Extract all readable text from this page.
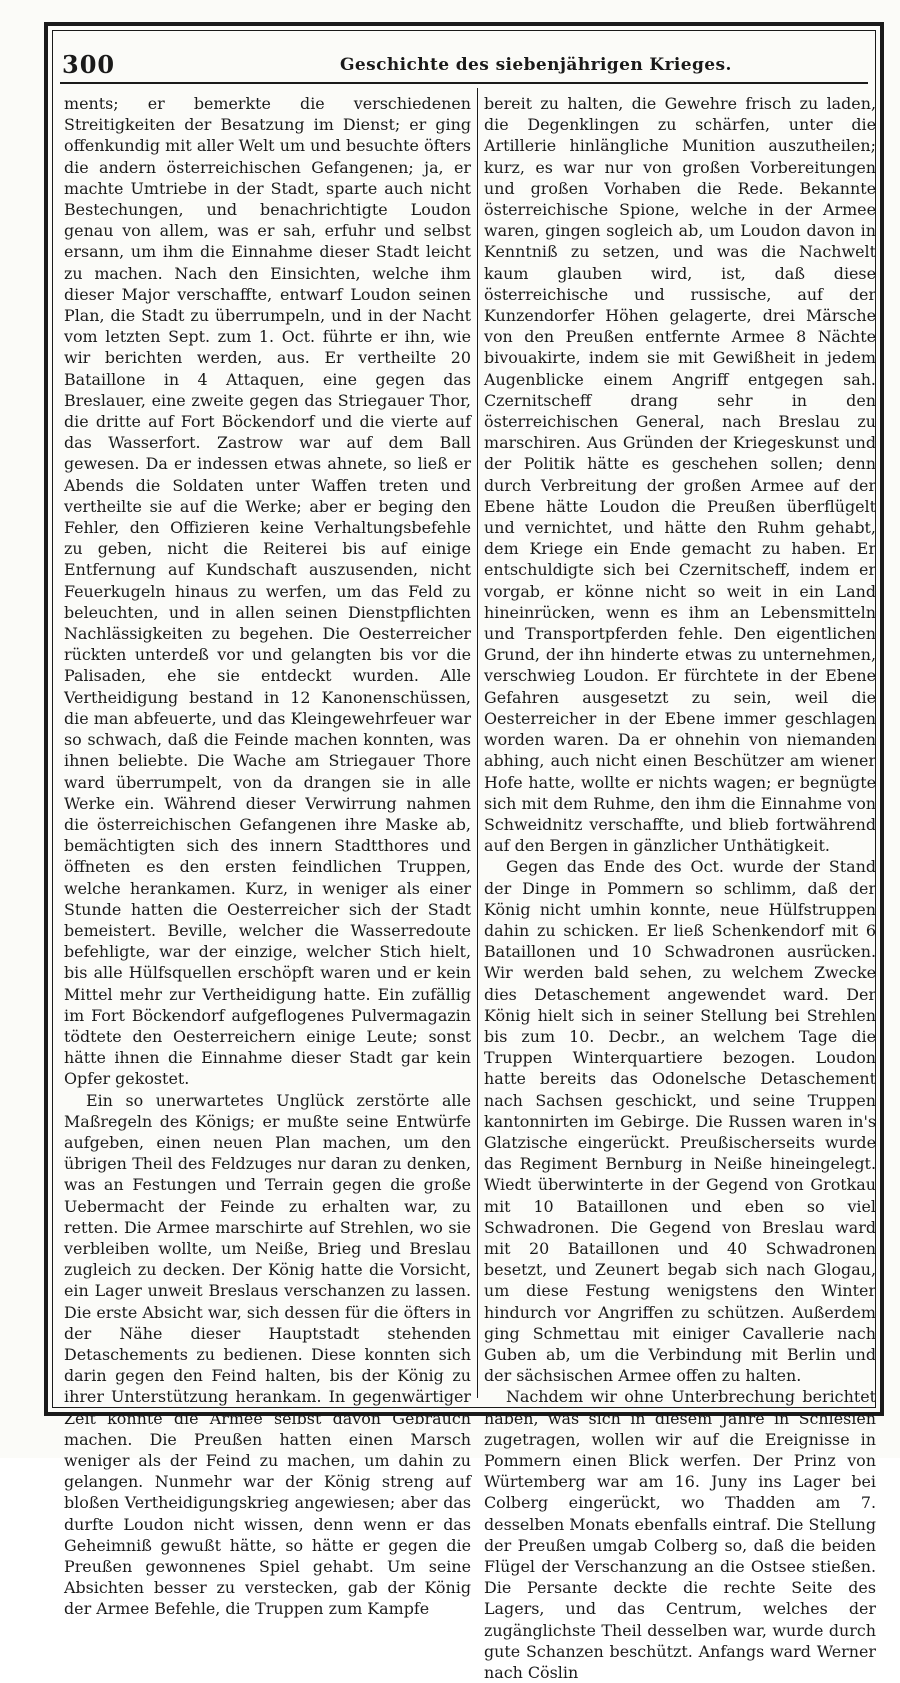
300	Geschichte des siebenjährigen Krieges.

ments; er bemerkte die verschiedenen Streitigkeiten der Besatzung im Dienst; er ging offenkundig mit aller Welt um und besuchte öfters die andern österreichischen Gefangenen; ja, er machte Umtriebe in der Stadt, sparte auch nicht Bestechungen, und benachrichtigte Loudon genau von allem, was er sah, erfuhr und selbst ersann, um ihm die Einnahme dieser Stadt leicht zu machen. Nach den Einsichten, welche ihm dieser Major verschaffte, entwarf Loudon seinen Plan, die Stadt zu überrumpeln, und in der Nacht vom letzten Sept. zum 1. Oct. führte er ihn, wie wir berichten werden, aus. Er vertheilte 20 Bataillone in 4 Attaquen, eine gegen das Breslauer, eine zweite gegen das Striegauer Thor, die dritte auf Fort Böckendorf und die vierte auf das Wasserfort. Zastrow war auf dem Ball gewesen. Da er indessen etwas ahnete, so ließ er Abends die Soldaten unter Waffen treten und vertheilte sie auf die Werke; aber er beging den Fehler, den Offizieren keine Verhaltungsbefehle zu geben, nicht die Reiterei bis auf einige Entfernung auf Kundschaft auszusenden, nicht Feuerkugeln hinaus zu werfen, um das Feld zu beleuchten, und in allen seinen Dienstpflichten Nachlässigkeiten zu begehen. Die Oesterreicher rückten unterdeß vor und gelangten bis vor die Palisaden, ehe sie entdeckt wurden. Alle Vertheidigung bestand in 12 Kanonenschüssen, die man abfeuerte, und das Kleingewehrfeuer war so schwach, daß die Feinde machen konnten, was ihnen beliebte. Die Wache am Striegauer Thore ward überrumpelt, von da drangen sie in alle Werke ein. Während dieser Verwirrung nahmen die österreichischen Gefangenen ihre Maske ab, bemächtigten sich des innern Stadtthores und öffneten es den ersten feindlichen Truppen, welche herankamen. Kurz, in weniger als einer Stunde hatten die Oesterreicher sich der Stadt bemeistert. Beville, welcher die Wasserredoute befehligte, war der einzige, welcher Stich hielt, bis alle Hülfsquellen erschöpft waren und er kein Mittel mehr zur Vertheidigung hatte. Ein zufällig im Fort Böckendorf aufgeflogenes Pulvermagazin tödtete den Oesterreichern einige Leute; sonst hätte ihnen die Einnahme dieser Stadt gar kein Opfer gekostet.

Ein so unerwartetes Unglück zerstörte alle Maßregeln des Königs; er mußte seine Entwürfe aufgeben, einen neuen Plan machen, um den übrigen Theil des Feldzuges nur daran zu denken, was an Festungen und Terrain gegen die große Uebermacht der Feinde zu erhalten war, zu retten. Die Armee marschirte auf Strehlen, wo sie verbleiben wollte, um Neiße, Brieg und Breslau zugleich zu decken. Der König hatte die Vorsicht, ein Lager unweit Breslaus verschanzen zu lassen. Die erste Absicht war, sich dessen für die öfters in der Nähe dieser Hauptstadt stehenden Detaschements zu bedienen. Diese konnten sich darin gegen den Feind halten, bis der König zu ihrer Unterstützung herankam. In gegenwärtiger Zeit konnte die Armee selbst davon Gebrauch machen. Die Preußen hatten einen Marsch weniger als der Feind zu machen, um dahin zu gelangen. Nunmehr war der König streng auf bloßen Vertheidigungskrieg angewiesen; aber das durfte Loudon nicht wissen, denn wenn er das Geheimniß gewußt hätte, so hätte er gegen die Preußen gewonnenes Spiel gehabt. Um seine Absichten besser zu verstecken, gab der König der Armee Befehle, die Truppen zum Kampfe

bereit zu halten, die Gewehre frisch zu laden, die Degenklingen zu schärfen, unter die Artillerie hinlängliche Munition auszutheilen; kurz, es war nur von großen Vorbereitungen und großen Vorhaben die Rede. Bekannte österreichische Spione, welche in der Armee waren, gingen sogleich ab, um Loudon davon in Kenntniß zu setzen, und was die Nachwelt kaum glauben wird, ist, daß diese österreichische und russische, auf der Kunzendorfer Höhen gelagerte, drei Märsche von den Preußen entfernte Armee 8 Nächte bivouakirte, indem sie mit Gewißheit in jedem Augenblicke einem Angriff entgegen sah. Czernitscheff drang sehr in den österreichischen General, nach Breslau zu marschiren. Aus Gründen der Kriegeskunst und der Politik hätte es geschehen sollen; denn durch Verbreitung der großen Armee auf der Ebene hätte Loudon die Preußen überflügelt und vernichtet, und hätte den Ruhm gehabt, dem Kriege ein Ende gemacht zu haben. Er entschuldigte sich bei Czernitscheff, indem er vorgab, er könne nicht so weit in ein Land hineinrücken, wenn es ihm an Lebensmitteln und Transportpferden fehle. Den eigentlichen Grund, der ihn hinderte etwas zu unternehmen, verschwieg Loudon. Er fürchtete in der Ebene Gefahren ausgesetzt zu sein, weil die Oesterreicher in der Ebene immer geschlagen worden waren. Da er ohnehin von niemanden abhing, auch nicht einen Beschützer am wiener Hofe hatte, wollte er nichts wagen; er begnügte sich mit dem Ruhme, den ihm die Einnahme von Schweidnitz verschaffte, und blieb fortwährend auf den Bergen in gänzlicher Unthätigkeit.

Gegen das Ende des Oct. wurde der Stand der Dinge in Pommern so schlimm, daß der König nicht umhin konnte, neue Hülfstruppen dahin zu schicken. Er ließ Schenkendorf mit 6 Bataillonen und 10 Schwadronen ausrücken. Wir werden bald sehen, zu welchem Zwecke dies Detaschement angewendet ward. Der König hielt sich in seiner Stellung bei Strehlen bis zum 10. Decbr., an welchem Tage die Truppen Winterquartiere bezogen. Loudon hatte bereits das Odonelsche Detaschement nach Sachsen geschickt, und seine Truppen kantonnirten im Gebirge. Die Russen waren in's Glatzische eingerückt. Preußischerseits wurde das Regiment Bernburg in Neiße hineingelegt. Wiedt überwinterte in der Gegend von Grotkau mit 10 Bataillonen und eben so viel Schwadronen. Die Gegend von Breslau ward mit 20 Bataillonen und 40 Schwadronen besetzt, und Zeunert begab sich nach Glogau, um diese Festung wenigstens den Winter hindurch vor Angriffen zu schützen. Außerdem ging Schmettau mit einiger Cavallerie nach Guben ab, um die Verbindung mit Berlin und der sächsischen Armee offen zu halten.

Nachdem wir ohne Unterbrechung berichtet haben, was sich in diesem Jahre in Schlesien zugetragen, wollen wir auf die Ereignisse in Pommern einen Blick werfen. Der Prinz von Würtemberg war am 16. Juny ins Lager bei Colberg eingerückt, wo Thadden am 7. desselben Monats ebenfalls eintraf. Die Stellung der Preußen umgab Colberg so, daß die beiden Flügel der Verschanzung an die Ostsee stießen. Die Persante deckte die rechte Seite des Lagers, und das Centrum, welches der zugänglichste Theil desselben war, wurde durch gute Schanzen beschützt. Anfangs ward Werner nach Cöslin
